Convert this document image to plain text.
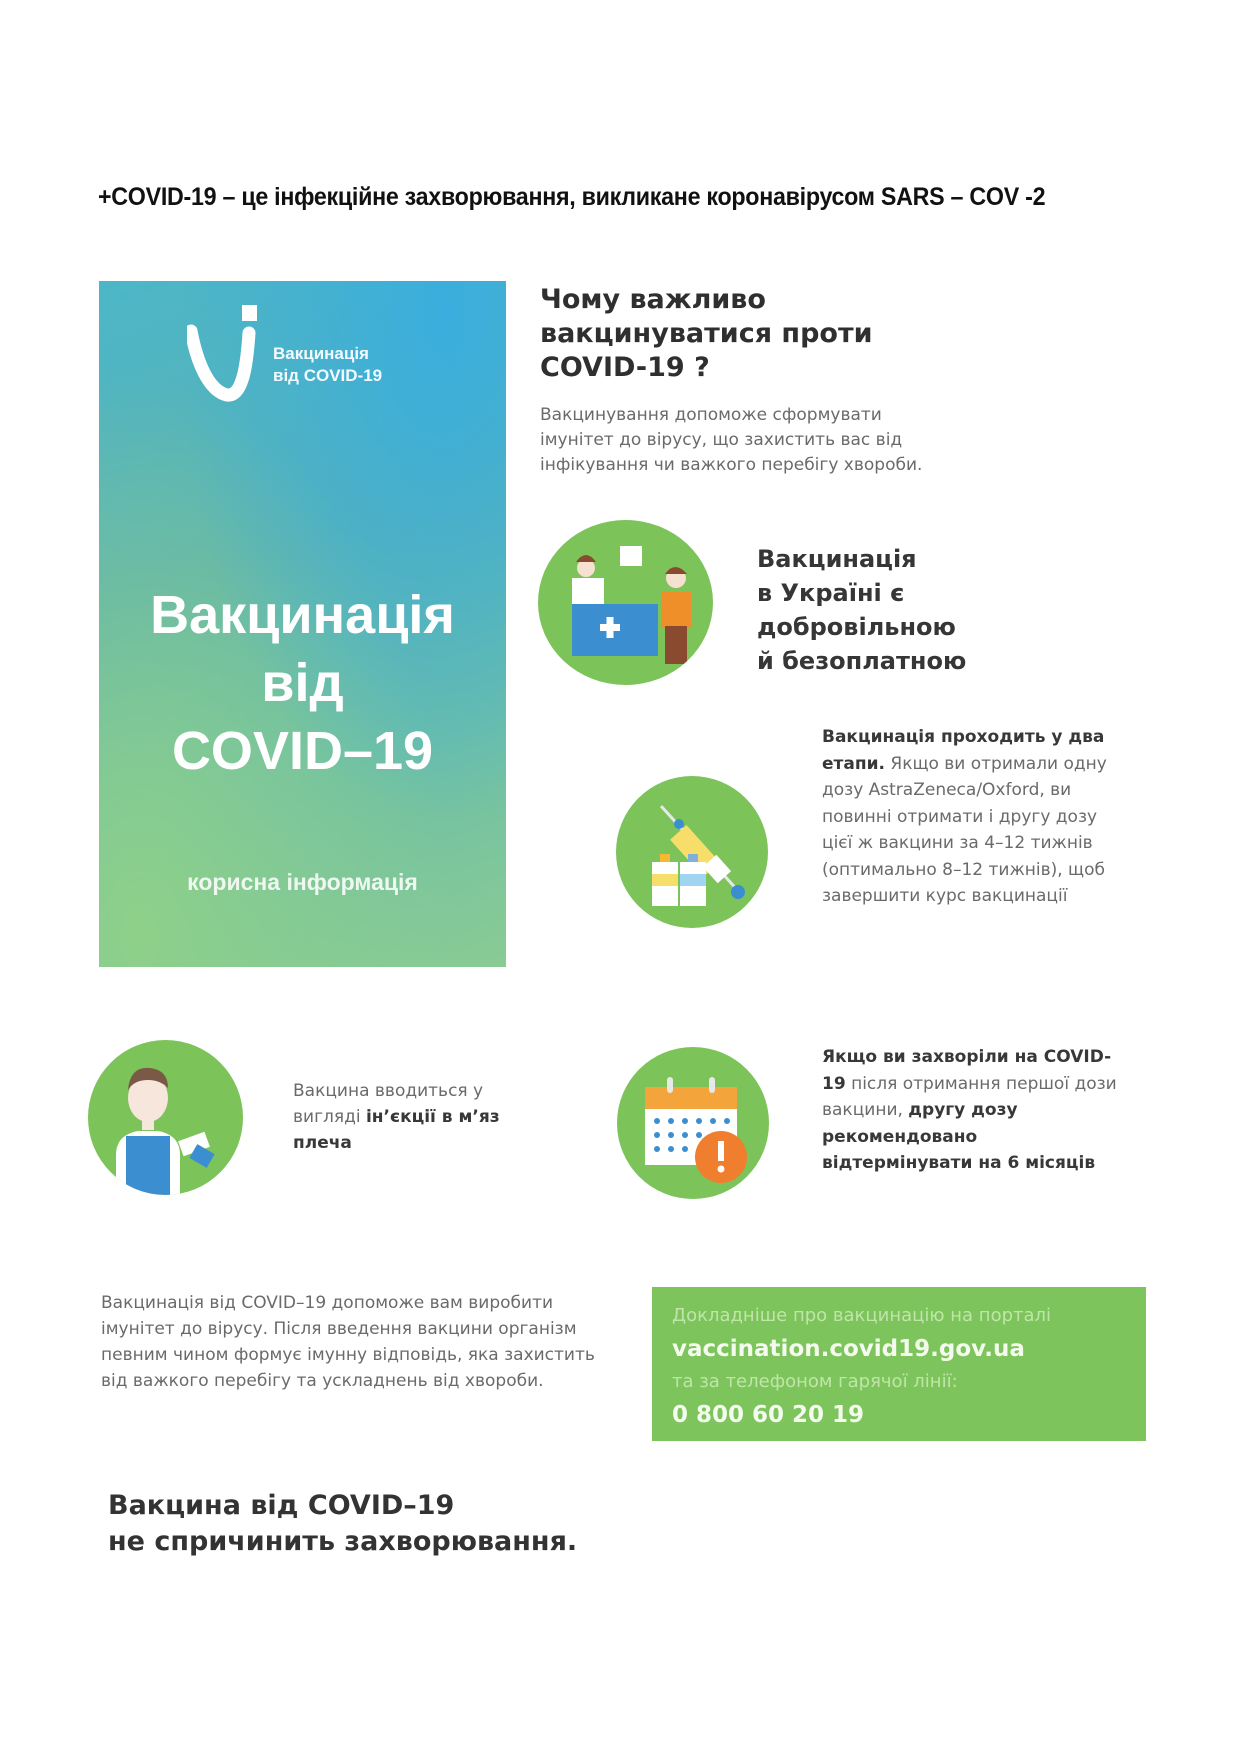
+COVID-19 – це інфекційне захворювання, викликане коронавірусом SARS – COV -2
Вакцинація
від COVID-19
Вакцинація
від
COVID–19
корисна інформація
Чому важливо
вакцинуватися проти
COVID-19 ?
Вакцинування допоможе сформувати
імунітет до вірусу, що захистить вас від
інфікування чи важкого перебігу хвороби.
Вакцинація
в Україні є
добровільною
й безоплатною
Вакцинація проходить у два етапи. Якщо ви отримали одну дозу AstraZeneca/Oxford, ви повинні отримати і другу дозу цієї ж вакцини за 4–12 тижнів (оптимально 8–12 тижнів), щоб завершити курс вакцинації
Вакцина вводиться у вигляді ін’єкції в м’яз плеча
Якщо ви захворіли на COVID-19 після отримання першої дози вакцини, другу дозу рекомендовано відтермінувати на 6 місяців
Вакцинація від COVID–19 допоможе вам виробити імунітет до вірусу. Після введення вакцини організм певним чином формує імунну відповідь, яка захистить від важкого перебігу та ускладнень від хвороби.
Докладніше про вакцинацію на порталі
vaccination.covid19.gov.ua
та за телефоном гарячої лінії:
0 800 60 20 19
Вакцина від COVID–19
не спричинить захворювання.
